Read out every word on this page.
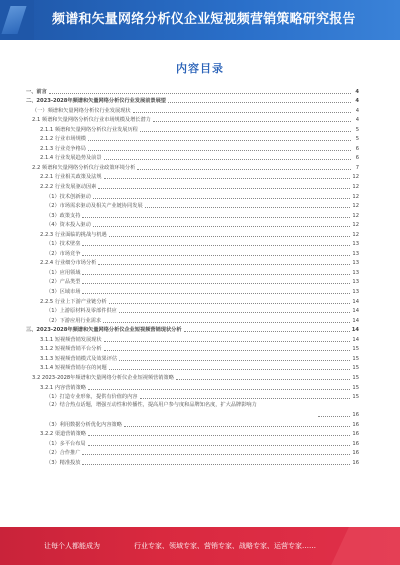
频谱和矢量网络分析仪企业短视频营销策略研究报告
内容目录
一、前言	4
二、2023-2028年频谱和矢量网络分析仪行业发展前景展望	4
（一）频谱和矢量网络分析仪行业发展现状	4
2.1 频谱和矢量网络分析仪行业市场规模及增长潜力	4
2.1.1 频谱和矢量网络分析仪行业发展历程	5
2.1.2 行业市场规模	5
2.1.3 行业竞争格局	6
2.1.4 行业发展趋势及前景	6
2.2 频谱和矢量网络分析仪行业政策环境分析	7
2.2.1 行业相关政策及法规	12
2.2.2 行业发展驱动因素	12
（1）技术创新驱动	12
（2）市场需求驱动及相关产业链协同发展	12
（3）政策支持	12
（4）资本投入驱动	12
2.2.3 行业面临的挑战与机遇	12
（1）技术壁垒	13
（2）市场竞争	13
2.2.4 行业细分市场分析	13
（1）应用领域	13
（2）产品类型	13
（3）区域市场	13
2.2.5 行业上下游产业链分析	14
（1）上游原材料及零部件供应	14
（2）下游应用行业需求	14
三、2023-2028年频谱和矢量网络分析仪企业短视频营销现状分析	14
3.1.1 短视频营销发展现状	14
3.1.2 短视频营销平台分析	15
3.1.3 短视频营销模式及效果评估	15
3.1.4 短视频营销存在的问题	15
3.2 2023-2028年频谱和矢量网络分析仪企业短视频营销策略	15
3.2.1 内容营销策略	15
（1）打造专业形象，提供有价值的内容	15
（2）结合热点话题，增强互动性和传播性，提高用户参与度和品牌知名度，扩大品牌影响力
16
（3）利用数据分析优化内容策略	16
3.2.2 渠道营销策略	16
（1）多平台布局	16
（2）合作推广	16
（3）精准投放	16
让每个人都能成为	行业专家、领域专家、营销专家、战略专家、运营专家……
